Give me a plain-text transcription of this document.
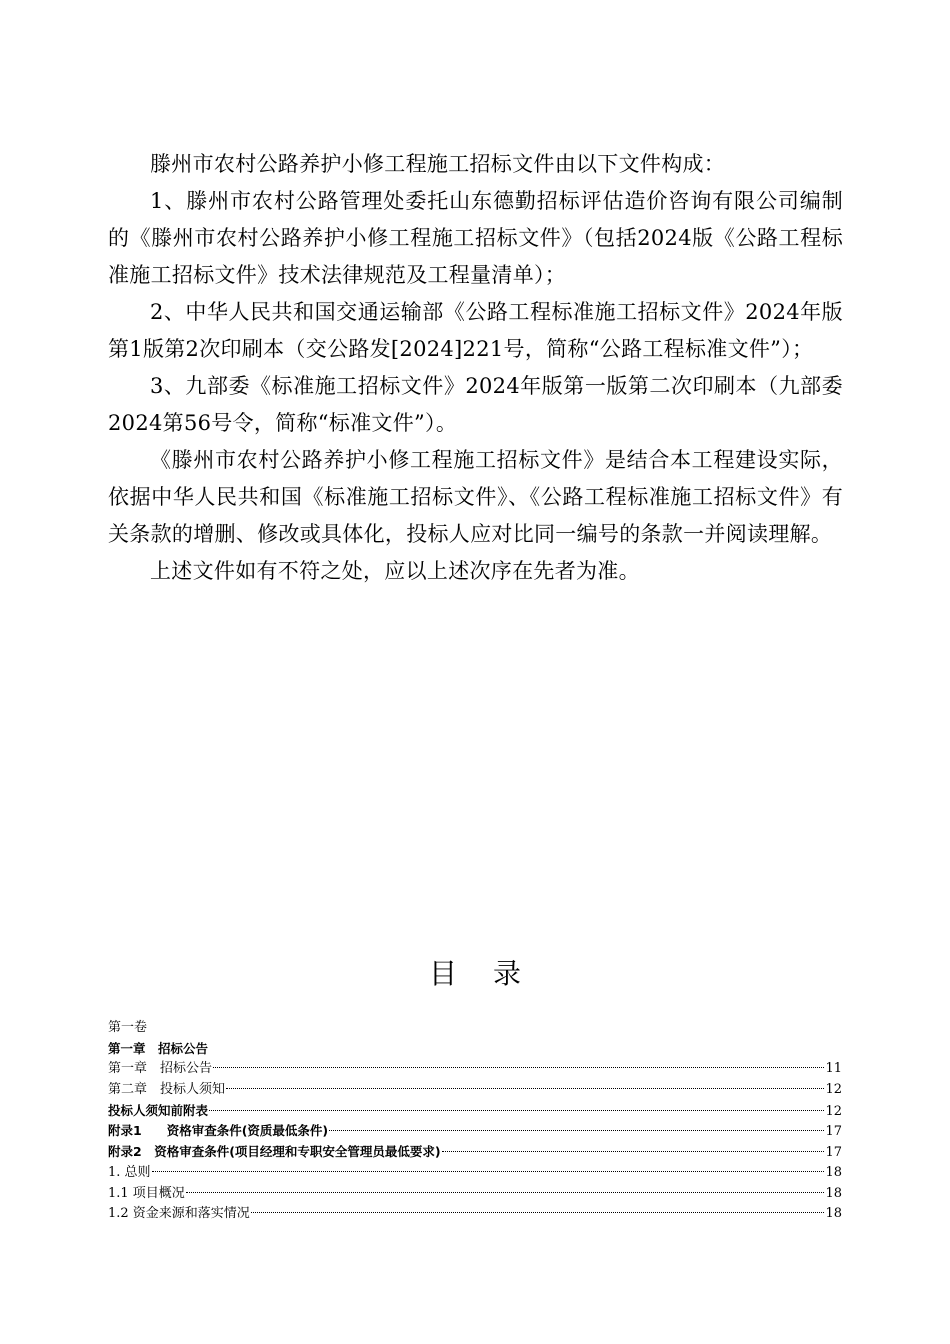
滕州市农村公路养护小修工程施工招标文件由以下文件构成：

1、滕州市农村公路管理处委托山东德勤招标评估造价咨询有限公司编制的《滕州市农村公路养护小修工程施工招标文件》（包括2024版《公路工程标准施工招标文件》技术法律规范及工程量清单）；

2、中华人民共和国交通运输部《公路工程标准施工招标文件》2024年版第1版第2次印刷本（交公路发[2024]221号，简称“公路工程标准文件”）；

3、九部委《标准施工招标文件》2024年版第一版第二次印刷本（九部委2024第56号令，简称“标准文件”）。

《滕州市农村公路养护小修工程施工招标文件》是结合本工程建设实际，依据中华人民共和国《标准施工招标文件》、《公路工程标准施工招标文件》有关条款的增删、修改或具体化，投标人应对比同一编号的条款一并阅读理解。

上述文件如有不符之处，应以上述次序在先者为准。

目 录
第一卷
第一章　招标公告
第一章　招标公告	11
第二章　投标人须知	12
投标人须知前附表	12
附录1　　资格审查条件(资质最低条件)	17
附录2　资格审查条件(项目经理和专职安全管理员最低要求)	17
1. 总则	18
1.1 项目概况	18
1.2 资金来源和落实情况	18
